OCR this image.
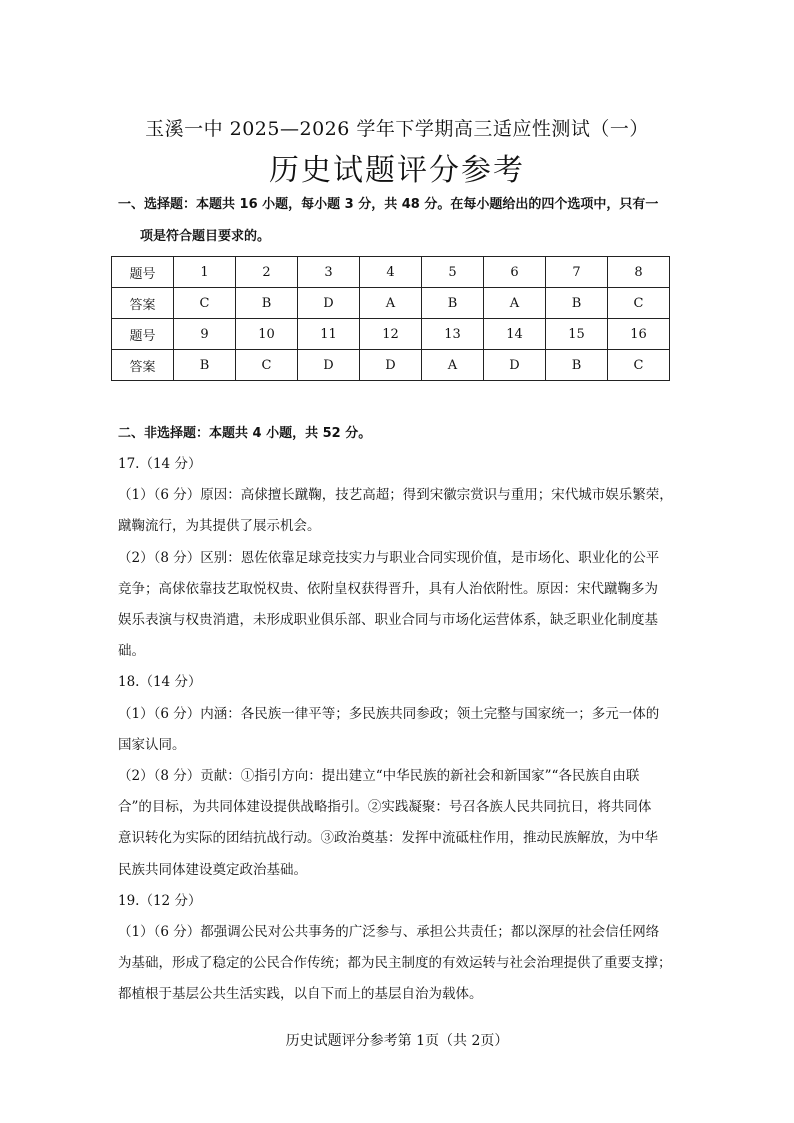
玉溪一中 2025—2026 学年下学期高三适应性测试（一）
历史试题评分参考
一、选择题：本题共 16 小题，每小题 3 分，共 48 分。在每小题给出的四个选项中，只有一
项是符合题目要求的。
题号	1	2	3	4	5	6	7	8
答案	C	B	D	A	B	A	B	C
题号	9	10	11	12	13	14	15	16
答案	B	C	D	D	A	D	B	C
二、非选择题：本题共 4 小题，共 52 分。
17.（14 分）
（1）（6 分）原因：高俅擅长蹴鞠，技艺高超；得到宋徽宗赏识与重用；宋代城市娱乐繁荣，
蹴鞠流行，为其提供了展示机会。
（2）（8 分）区别：恩佐依靠足球竞技实力与职业合同实现价值，是市场化、职业化的公平
竞争；高俅依靠技艺取悦权贵、依附皇权获得晋升，具有人治依附性。原因：宋代蹴鞠多为
娱乐表演与权贵消遣，未形成职业俱乐部、职业合同与市场化运营体系，缺乏职业化制度基
础。
18.（14 分）
（1）（6 分）内涵：各民族一律平等；多民族共同参政；领土完整与国家统一；多元一体的
国家认同。
（2）（8 分）贡献：①指引方向：提出建立“中华民族的新社会和新国家”“各民族自由联
合”的目标，为共同体建设提供战略指引。②实践凝聚：号召各族人民共同抗日，将共同体
意识转化为实际的团结抗战行动。③政治奠基：发挥中流砥柱作用，推动民族解放，为中华
民族共同体建设奠定政治基础。
19.（12 分）
（1）（6 分）都强调公民对公共事务的广泛参与、承担公共责任；都以深厚的社会信任网络
为基础，形成了稳定的公民合作传统；都为民主制度的有效运转与社会治理提供了重要支撑；
都植根于基层公共生活实践，以自下而上的基层自治为载体。
历史试题评分参考第 1页（共 2页）
